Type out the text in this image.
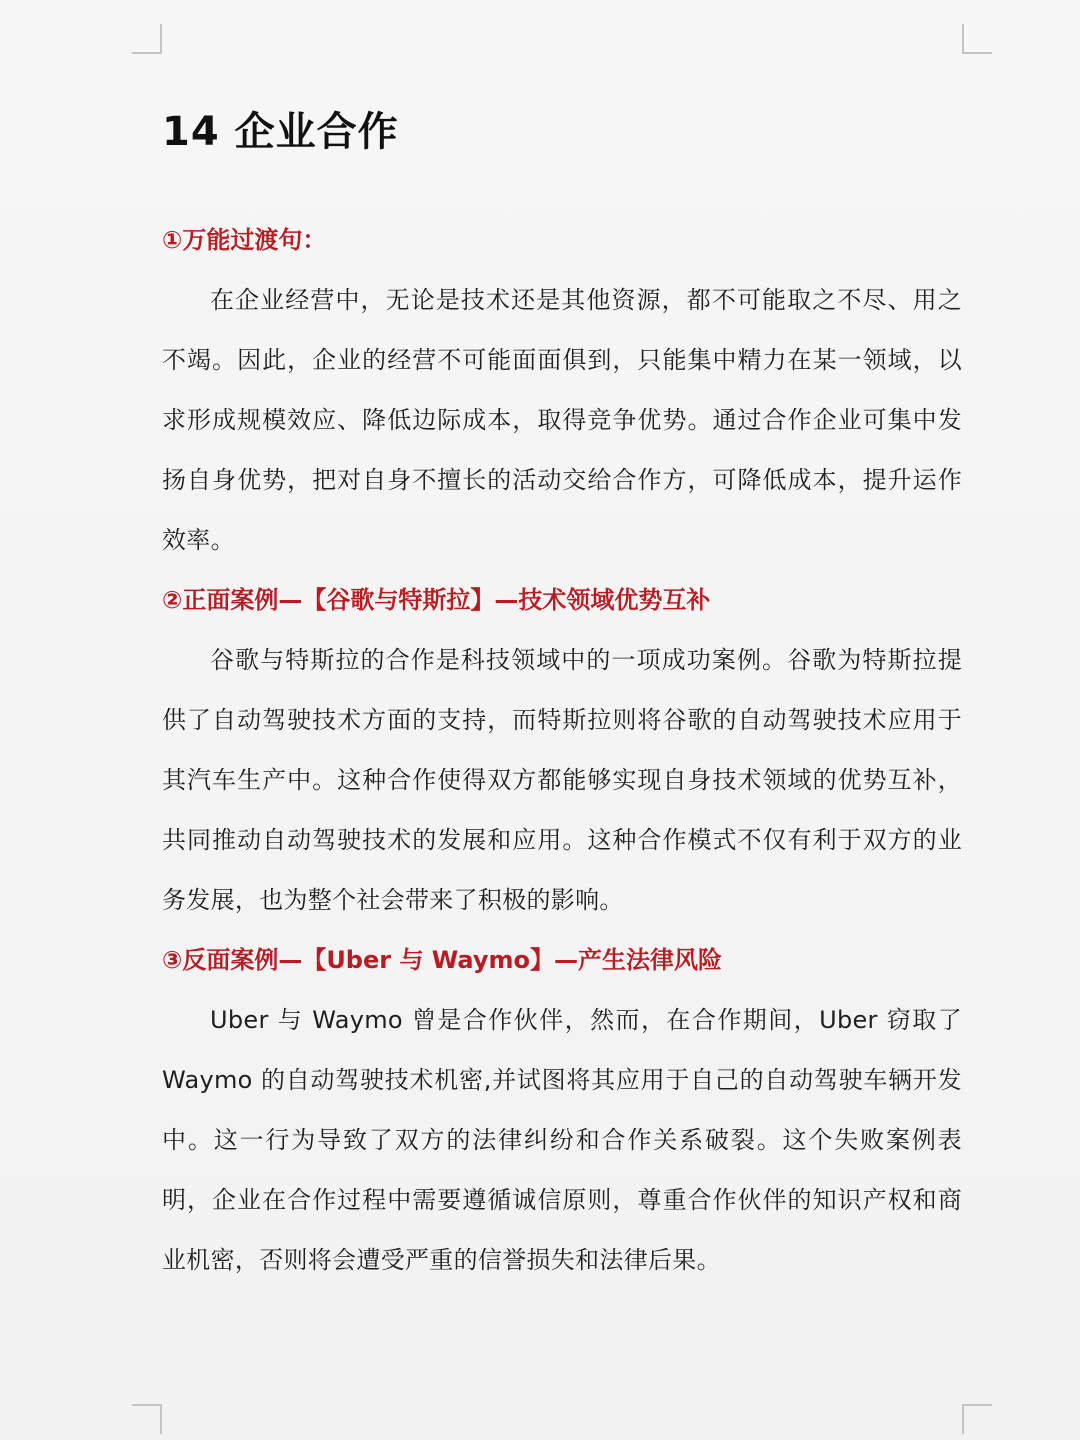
14 企业合作
①万能过渡句：

在企业经营中，无论是技术还是其他资源，都不可能取之不尽、用之不竭。因此，企业的经营不可能面面俱到，只能集中精力在某一领域，以求形成规模效应、降低边际成本，取得竞争优势。通过合作企业可集中发扬自身优势，把对自身不擅长的活动交给合作方，可降低成本，提升运作效率。

②正面案例—【谷歌与特斯拉】—技术领域优势互补

谷歌与特斯拉的合作是科技领域中的一项成功案例。谷歌为特斯拉提供了自动驾驶技术方面的支持，而特斯拉则将谷歌的自动驾驶技术应用于其汽车生产中。这种合作使得双方都能够实现自身技术领域的优势互补，共同推动自动驾驶技术的发展和应用。这种合作模式不仅有利于双方的业务发展，也为整个社会带来了积极的影响。

③反面案例—【Uber 与 Waymo】—产生法律风险

Uber 与 Waymo 曾是合作伙伴，然而，在合作期间，Uber 窃取了 Waymo 的自动驾驶技术机密,并试图将其应用于自己的自动驾驶车辆开发中。这一行为导致了双方的法律纠纷和合作关系破裂。这个失败案例表明，企业在合作过程中需要遵循诚信原则，尊重合作伙伴的知识产权和商业机密，否则将会遭受严重的信誉损失和法律后果。
